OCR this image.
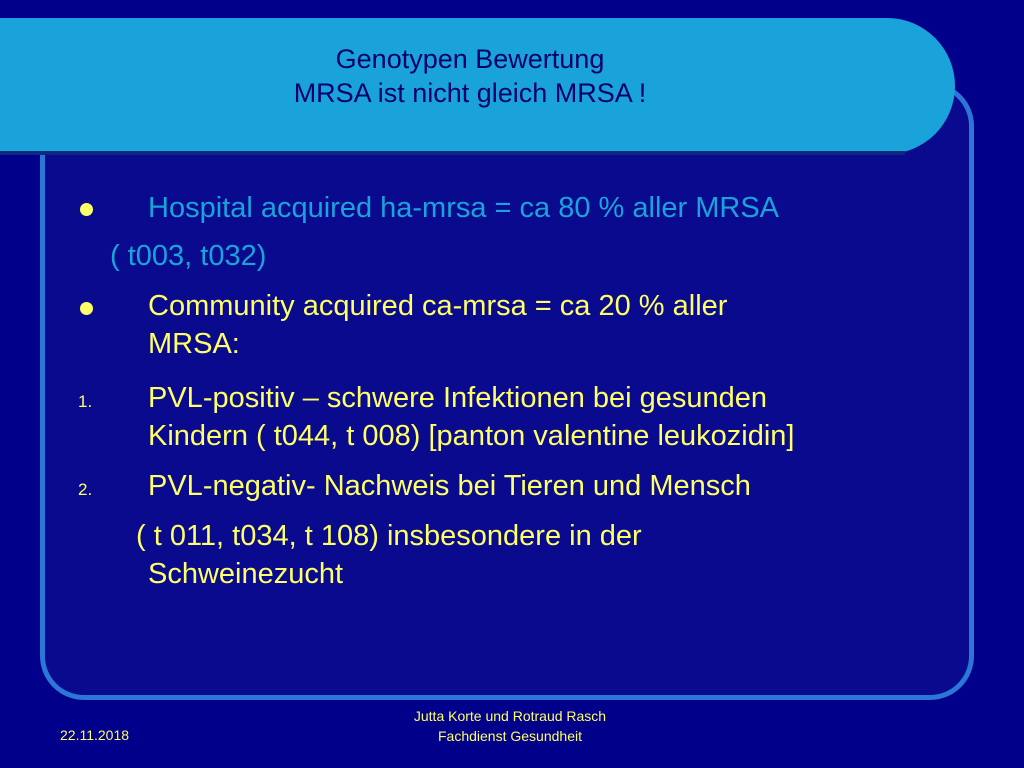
Genotypen Bewertung
MRSA ist nicht gleich MRSA !
Hospital acquired ha-mrsa = ca 80 % aller MRSA
( t003, t032)
Community acquired ca-mrsa = ca 20 % aller
MRSA:
1. PVL-positiv – schwere Infektionen bei gesunden
Kindern ( t044, t 008) [panton valentine leukozidin]
2. PVL-negativ- Nachweis bei Tieren und Mensch
( t 011, t034, t 108) insbesondere in der
Schweinezucht
22.11.2018
Jutta Korte und Rotraud Rasch
Fachdienst Gesundheit
